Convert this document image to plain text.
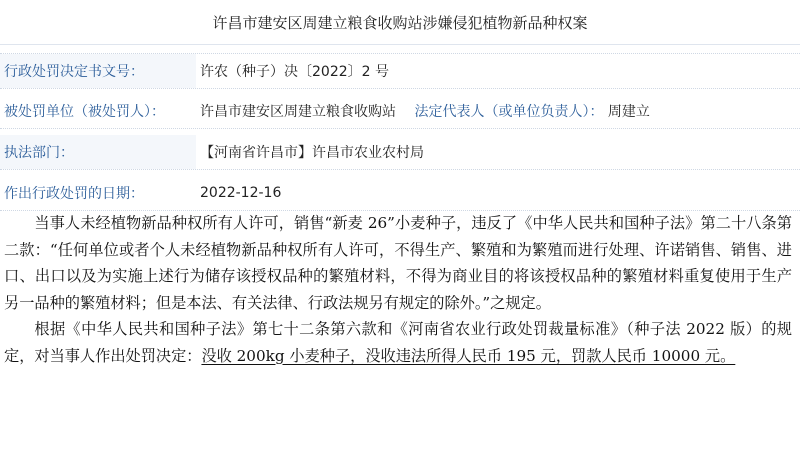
许昌市建安区周建立粮食收购站涉嫌侵犯植物新品种权案
行政处罚决定书文号：	许农（种子）决〔2022〕2 号
被处罚单位（被处罚人）：	许昌市建安区周建立粮食收购站 法定代表人（或单位负责人）： 周建立
执法部门：	【河南省许昌市】许昌市农业农村局
作出行政处罚的日期：	2022-12-16

当事人未经植物新品种权所有人许可，销售“新麦 26”小麦种子，违反了《中华人民共和国种子法》第二十八条第二款：“任何单位或者个人未经植物新品种权所有人许可，不得生产、繁殖和为繁殖而进行处理、许诺销售、销售、进口、出口以及为实施上述行为储存该授权品种的繁殖材料，不得为商业目的将该授权品种的繁殖材料重复使用于生产另一品种的繁殖材料；但是本法、有关法律、行政法规另有规定的除外。”之规定。

根据《中华人民共和国种子法》第七十二条第六款和《河南省农业行政处罚裁量标准》（种子法 2022 版）的规定，对当事人作出处罚决定：没收 200kg 小麦种子，没收违法所得人民币 195 元，罚款人民币 10000 元。
